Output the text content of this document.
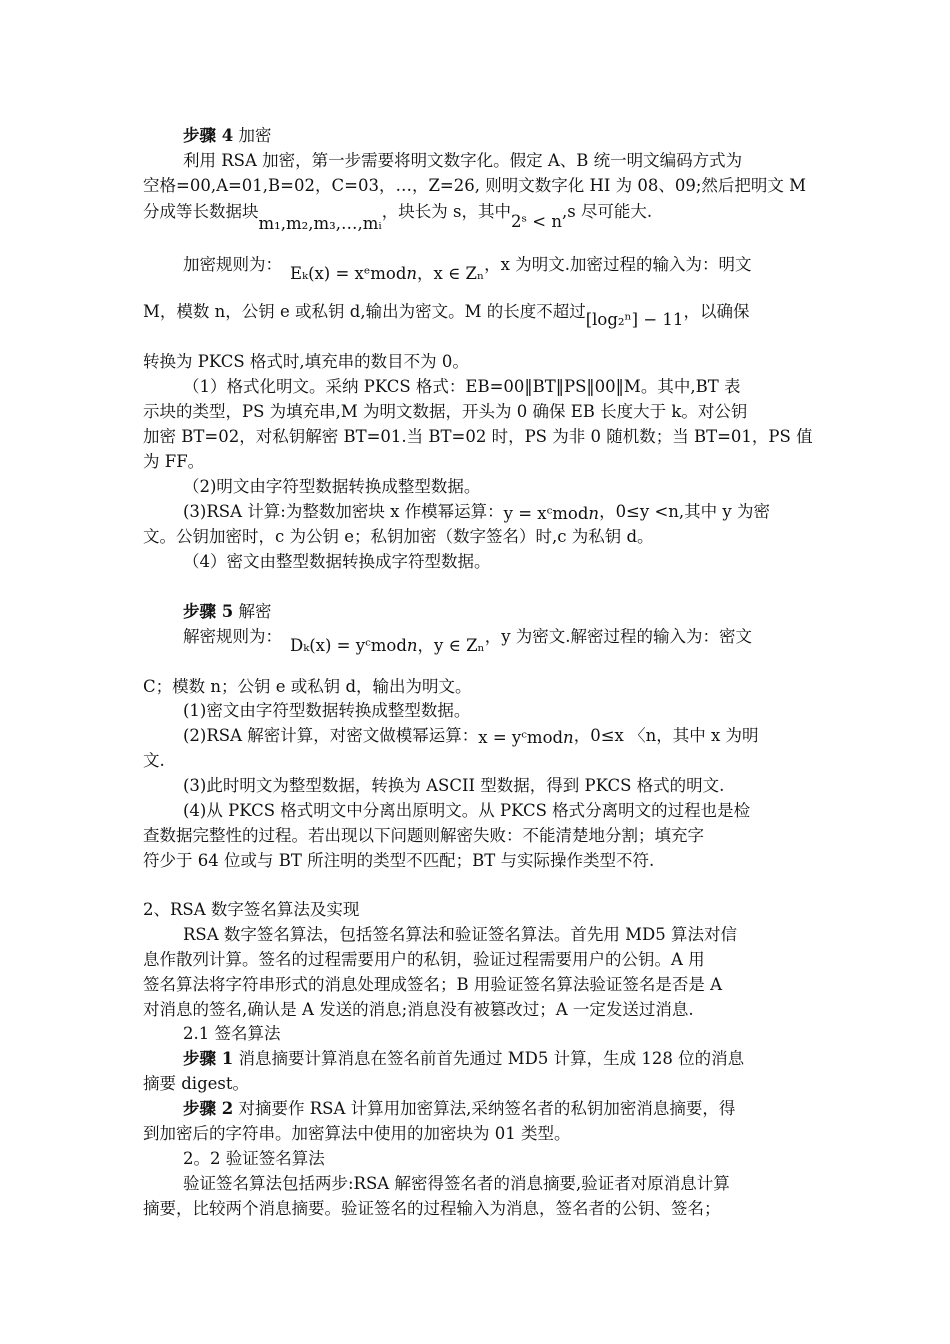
步骤 4 加密
利用 RSA 加密，第一步需要将明文数字化。假定 A、B 统一明文编码方式为
空格=00,A=01,B=02，C=03，…，Z=26, 则明文数字化 HI 为 08、09;然后把明文 M
分成等长数据块m₁,m₂,m₃,…,mᵢ，块长为 s，其中2ˢ < n,s 尽可能大.
加密规则为： Eₖ(x) = xᵉmod𝑛，x ∈ Zₙ，x 为明文.加密过程的输入为：明文
M，模数 n，公钥 e 或私钥 d,输出为密文。M 的长度不超过[log₂ⁿ] − 11，以确保
转换为 PKCS 格式时,填充串的数目不为 0。
（1）格式化明文。采纳 PKCS 格式：EB=00‖BT‖PS‖00‖M。其中,BT 表
示块的类型，PS 为填充串,M 为明文数据，开头为 0 确保 EB 长度大于 k。对公钥
加密 BT=02，对私钥解密 BT=01.当 BT=02 时，PS 为非 0 随机数；当 BT=01，PS 值
为 FF。
（2)明文由字符型数据转换成整型数据。
(3)RSA 计算:为整数加密块 x 作模幂运算：y = xᶜmod𝑛，0≤y <n,其中 y 为密
文。公钥加密时，c 为公钥 e；私钥加密（数字签名）时,c 为私钥 d。
（4）密文由整型数据转换成字符型数据。
步骤 5 解密
解密规则为： Dₖ(x) = yᶜmod𝑛，y ∈ Zₙ，y 为密文.解密过程的输入为：密文
C；模数 n；公钥 e 或私钥 d，输出为明文。
(1)密文由字符型数据转换成整型数据。
(2)RSA 解密计算，对密文做模幂运算：x = yᶜmod𝑛，0≤x 〈n，其中 x 为明
文.
(3)此时明文为整型数据，转换为 ASCII 型数据，得到 PKCS 格式的明文.
(4)从 PKCS 格式明文中分离出原明文。从 PKCS 格式分离明文的过程也是检
查数据完整性的过程。若出现以下问题则解密失败：不能清楚地分割；填充字
符少于 64 位或与 BT 所注明的类型不匹配；BT 与实际操作类型不符.
2、RSA 数字签名算法及实现
RSA 数字签名算法，包括签名算法和验证签名算法。首先用 MD5 算法对信
息作散列计算。签名的过程需要用户的私钥，验证过程需要用户的公钥。A 用
签名算法将字符串形式的消息处理成签名；B 用验证签名算法验证签名是否是 A
对消息的签名,确认是 A 发送的消息;消息没有被篡改过；A 一定发送过消息.
2.1 签名算法
步骤 1 消息摘要计算消息在签名前首先通过 MD5 计算，生成 128 位的消息
摘要 digest。
步骤 2 对摘要作 RSA 计算用加密算法,采纳签名者的私钥加密消息摘要，得
到加密后的字符串。加密算法中使用的加密块为 01 类型。
2。2 验证签名算法
验证签名算法包括两步:RSA 解密得签名者的消息摘要,验证者对原消息计算
摘要，比较两个消息摘要。验证签名的过程输入为消息，签名者的公钥、签名；
